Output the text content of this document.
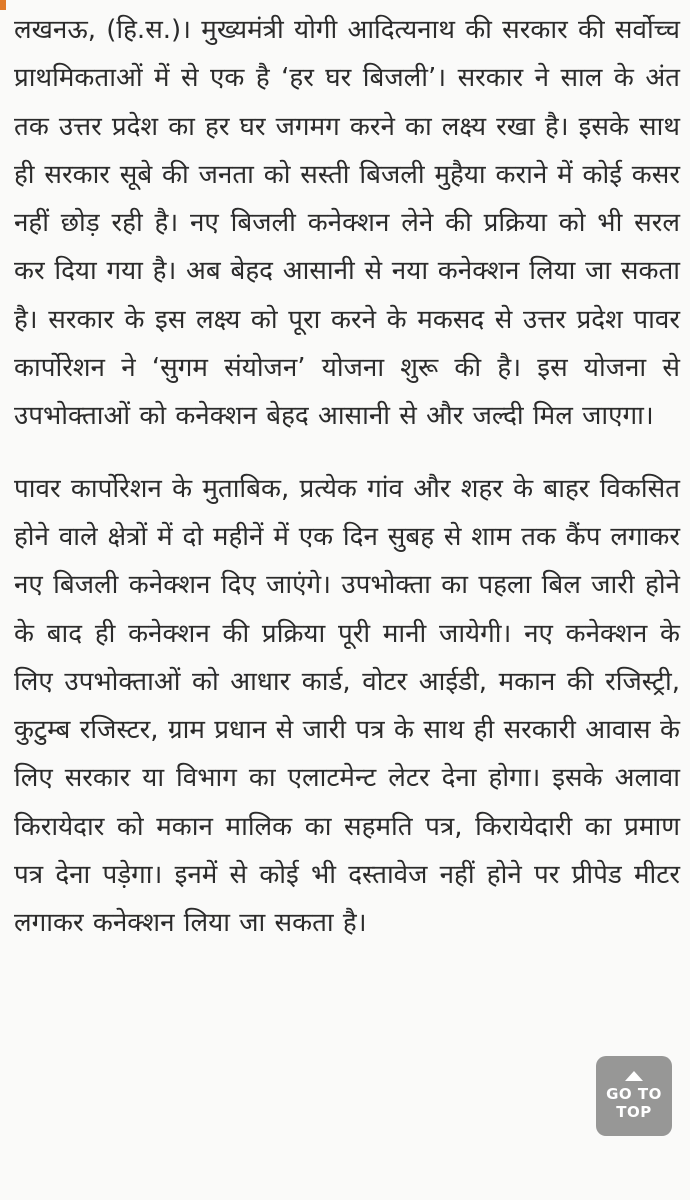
लखनऊ, (हि.स.)। मुख्यमंत्री योगी आदित्यनाथ की सरकार की सर्वोच्च प्राथमिकताओं में से एक है ‘हर घर बिजली’। सरकार ने साल के अंत तक उत्तर प्रदेश का हर घर जगमग करने का लक्ष्य रखा है। इसके साथ ही सरकार सूबे की जनता को सस्ती बिजली मुहैया कराने में कोई कसर नहीं छोड़ रही है। नए बिजली कनेक्शन लेने की प्रक्रिया को भी सरल कर दिया गया है। अब बेहद आसानी से नया कनेक्शन लिया जा सकता है। सरकार के इस लक्ष्य को पूरा करने के मकसद से उत्तर प्रदेश पावर कार्पोरेशन ने ‘सुगम संयोजन’ योजना शुरू की है। इस योजना से उपभोक्ताओं को कनेक्शन बेहद आसानी से और जल्दी मिल जाएगा।

पावर कार्पोरेशन के मुताबिक, प्रत्येक गांव और शहर के बाहर विकसित होने वाले क्षेत्रों में दो महीनें में एक दिन सुबह से शाम तक कैंप लगाकर नए बिजली कनेक्शन दिए जाएंगे। उपभोक्ता का पहला बिल जारी होने के बाद ही कनेक्शन की प्रक्रिया पूरी मानी जायेगी। नए कनेक्शन के लिए उपभोक्ताओं को आधार कार्ड, वोटर आईडी, मकान की रजिस्ट्री, कुटुम्ब रजिस्टर, ग्राम प्रधान से जारी पत्र के साथ ही सरकारी आवास के लिए सरकार या विभाग का एलाटमेन्ट लेटर देना होगा। इसके अलावा किरायेदार को मकान मालिक का सहमति पत्र, किरायेदारी का प्रमाण पत्र देना पड़ेगा। इनमें से कोई भी दस्तावेज नहीं होने पर प्रीपेड मीटर लगाकर कनेक्शन लिया जा सकता है।

GO TO TOP
